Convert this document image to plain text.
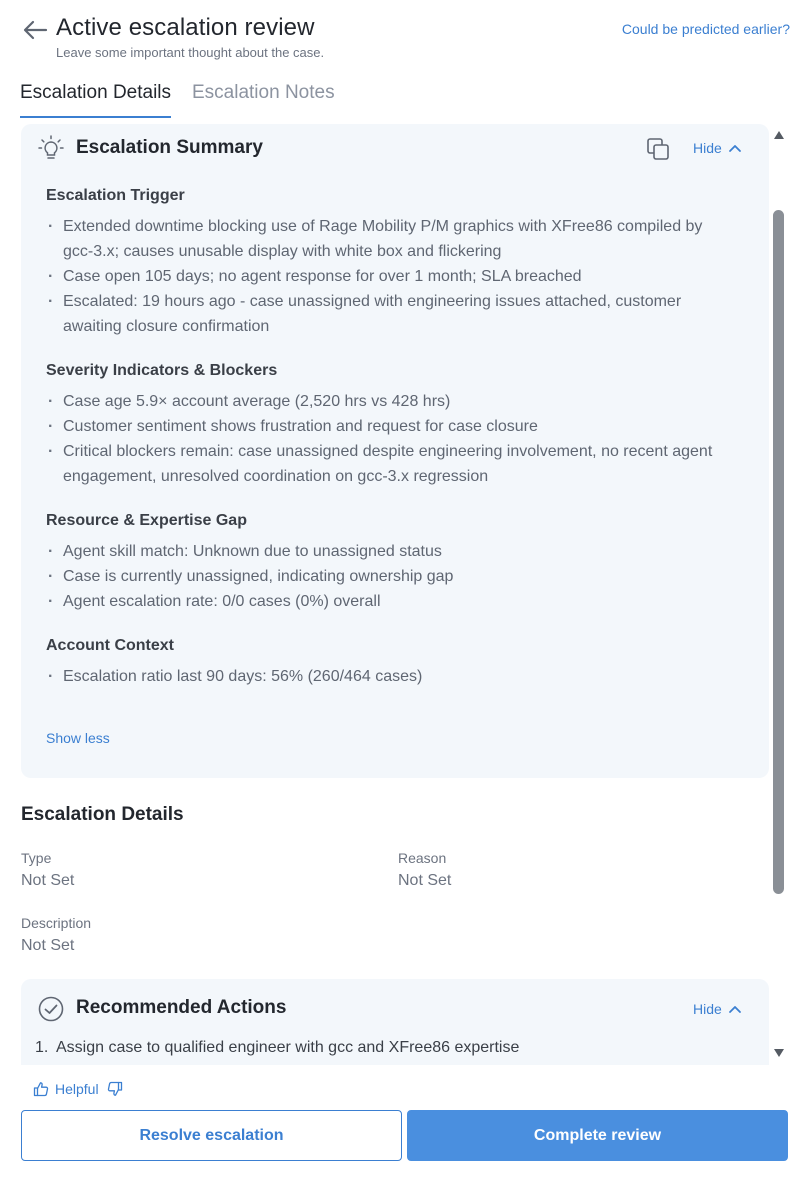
Active escalation review
Leave some important thought about the case.
Could be predicted earlier?
Escalation Details Escalation Notes
Escalation Summary	Hide
Escalation Trigger
· Extended downtime blocking use of Rage Mobility P/M graphics with XFree86 compiled by gcc-3.x; causes unusable display with white box and flickering
· Case open 105 days; no agent response for over 1 month; SLA breached
· Escalated: 19 hours ago - case unassigned with engineering issues attached, customer awaiting closure confirmation
Severity Indicators & Blockers
· Case age 5.9× account average (2,520 hrs vs 428 hrs)
· Customer sentiment shows frustration and request for case closure
· Critical blockers remain: case unassigned despite engineering involvement, no recent agent engagement, unresolved coordination on gcc-3.x regression
Resource & Expertise Gap
· Agent skill match: Unknown due to unassigned status
· Case is currently unassigned, indicating ownership gap
· Agent escalation rate: 0/0 cases (0%) overall
Account Context
· Escalation ratio last 90 days: 56% (260/464 cases)
Show less
Escalation Details
Type
Not Set
Reason
Not Set
Description
Not Set
Recommended Actions	Hide
1. Assign case to qualified engineer with gcc and XFree86 expertise
Helpful
Resolve escalation	Complete review
